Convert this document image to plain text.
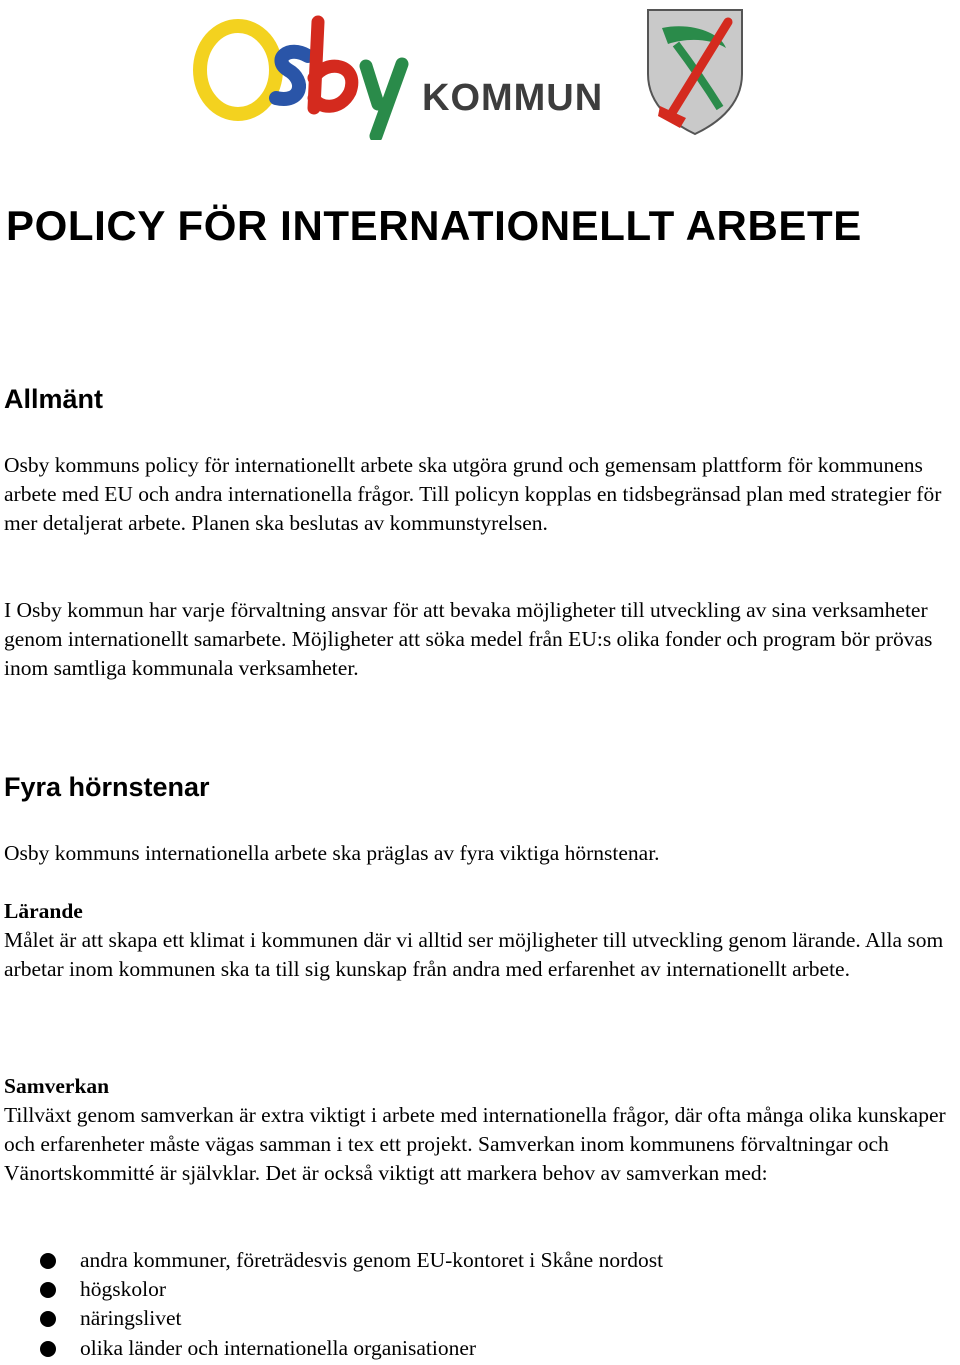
KOMMUN
POLICY FÖR INTERNATIONELLT ARBETE
Allmänt

Osby kommuns policy för internationellt arbete ska utgöra grund och gemensam plattform för kommunens arbete med EU och andra internationella frågor. Till policyn kopplas en tidsbegränsad plan med strategier för mer detaljerat arbete. Planen ska beslutas av kommunstyrelsen.

I Osby kommun har varje förvaltning ansvar för att bevaka möjligheter till utveckling av sina verksamheter genom internationellt samarbete. Möjligheter att söka medel från EU:s olika fonder och program bör prövas inom samtliga kommunala verksamheter.

Fyra hörnstenar

Osby kommuns internationella arbete ska präglas av fyra viktiga hörnstenar.

Lärande

Målet är att skapa ett klimat i kommunen där vi alltid ser möjligheter till utveckling genom lärande. Alla som arbetar inom kommunen ska ta till sig kunskap från andra med erfarenhet av internationellt arbete.

Samverkan

Tillväxt genom samverkan är extra viktigt i arbete med internationella frågor, där ofta många olika kunskaper och erfarenheter måste vägas samman i tex ett projekt. Samverkan inom kommunens förvaltningar och Vänortskommitté är självklar. Det är också viktigt att markera behov av samverkan med:

andra kommuner, företrädesvis genom EU-kontoret i Skåne nordost
högskolor
näringslivet
olika länder och internationella organisationer
